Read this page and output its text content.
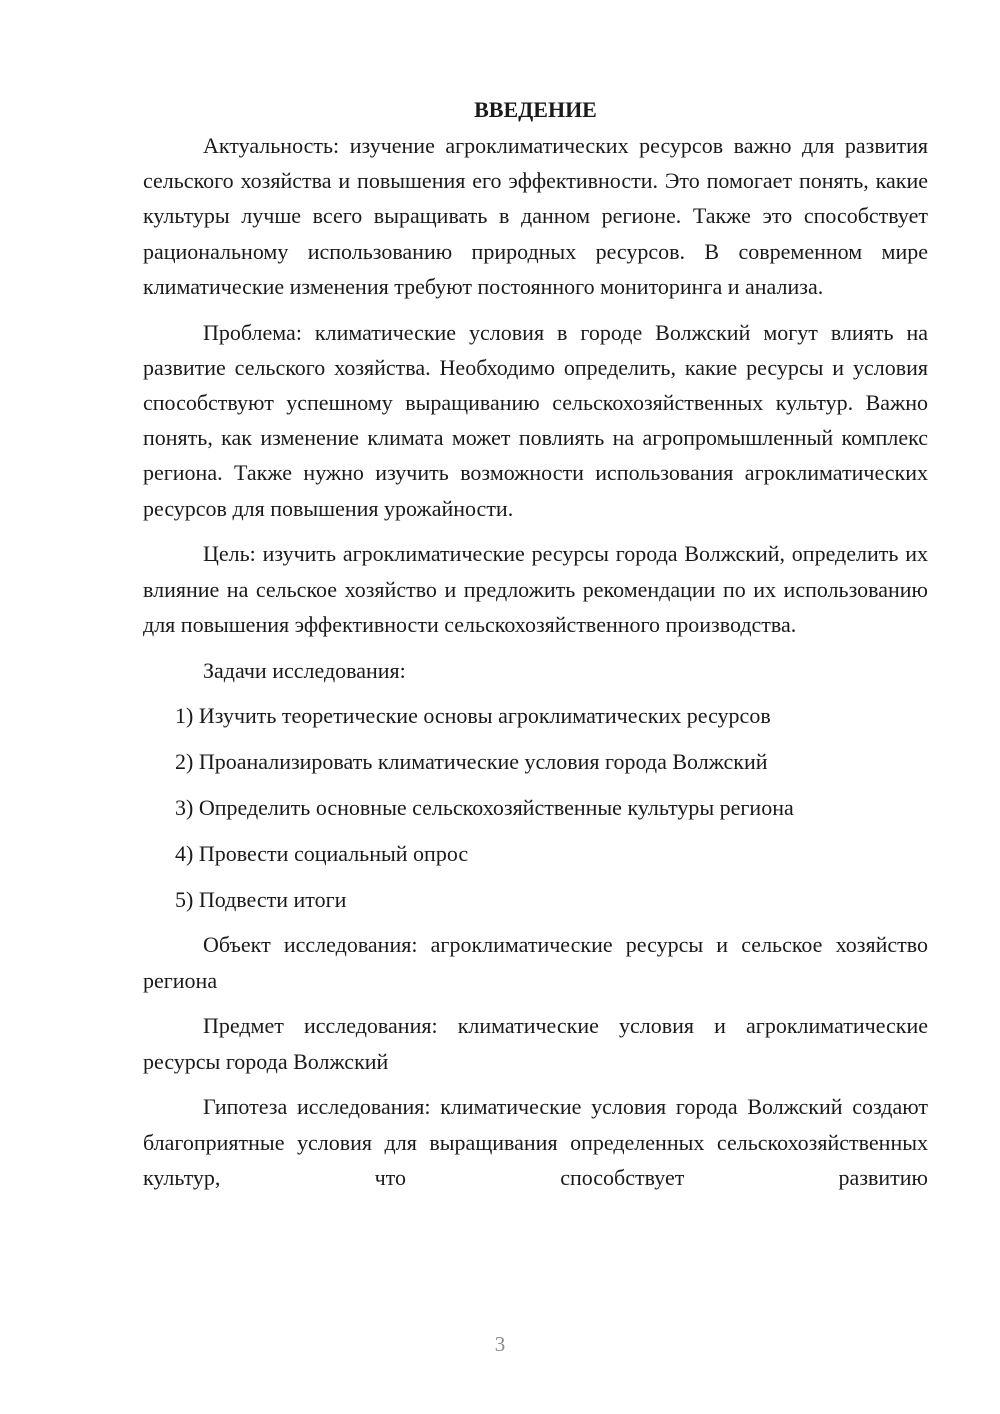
ВВЕДЕНИЕ

Актуальность: изучение агроклиматических ресурсов важно для развития сельского хозяйства и повышения его эффективности. Это помогает понять, какие культуры лучше всего выращивать в данном регионе. Также это способствует рациональному использованию природных ресурсов. В современном мире климатические изменения требуют постоянного мониторинга и анализа.

Проблема: климатические условия в городе Волжский могут влиять на развитие сельского хозяйства. Необходимо определить, какие ресурсы и условия способствуют успешному выращиванию сельскохозяйственных культур. Важно понять, как изменение климата может повлиять на агропромышленный комплекс региона. Также нужно изучить возможности использования агроклиматических ресурсов для повышения урожайности.

Цель: изучить агроклиматические ресурсы города Волжский, определить их влияние на сельское хозяйство и предложить рекомендации по их использованию для повышения эффективности сельскохозяйственного производства.

Задачи исследования:

1) Изучить теоретические основы агроклиматических ресурсов
2) Проанализировать климатические условия города Волжский
3) Определить основные сельскохозяйственные культуры региона
4) Провести социальный опрос
5) Подвести итоги

Объект исследования: агроклиматические ресурсы и сельское хозяйство региона

Предмет исследования: климатические условия и агроклиматические ресурсы города Волжский

Гипотеза исследования: климатические условия города Волжский создают благоприятные условия для выращивания определенных сельскохозяйственных культур, что способствует развитию

3
